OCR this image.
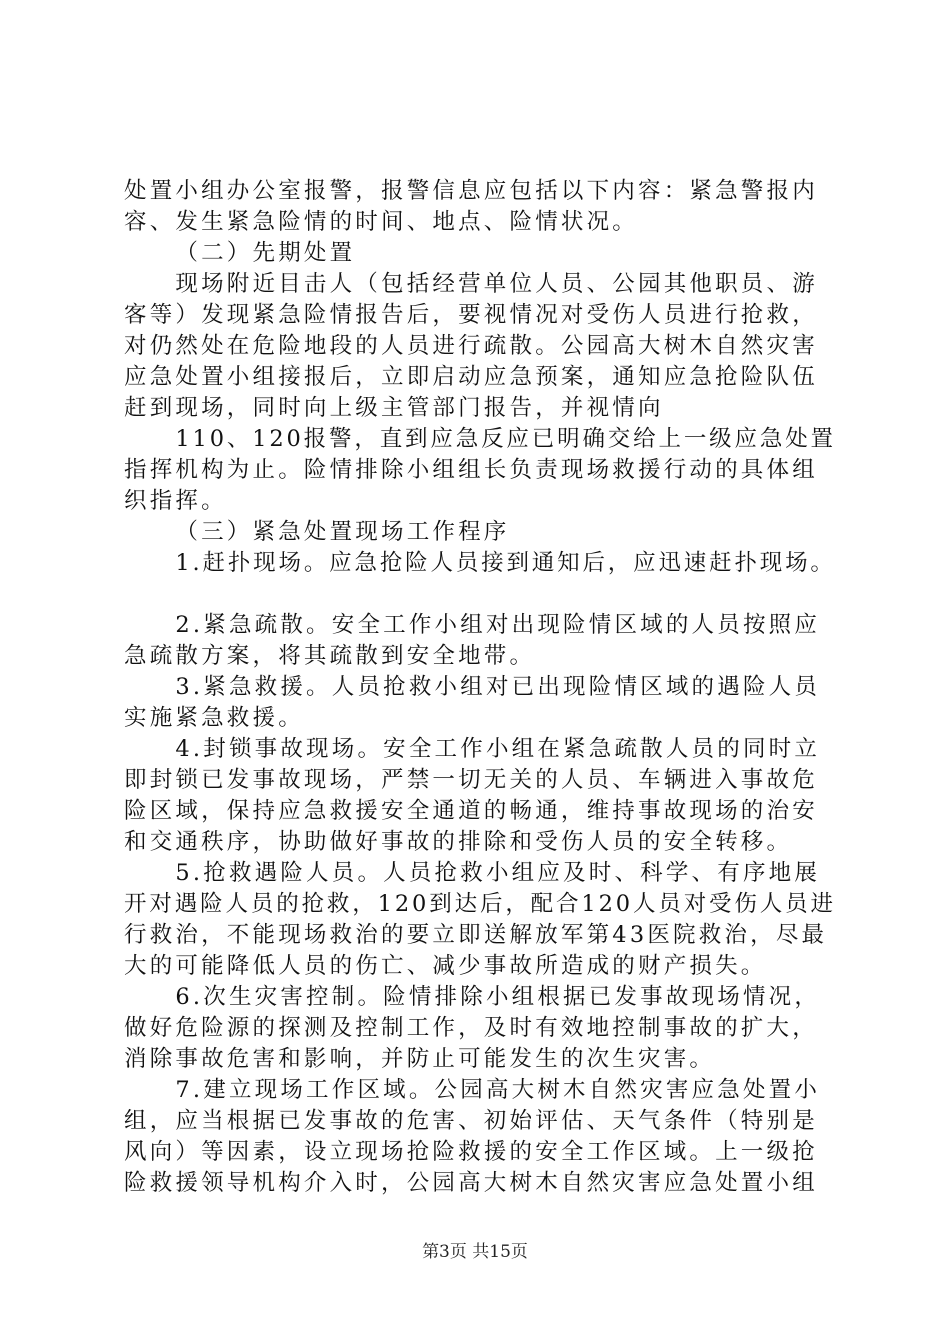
处置小组办公室报警，报警信息应包括以下内容：紧急警报内
容、发生紧急险情的时间、地点、险情状况。
（二）先期处置
现场附近目击人（包括经营单位人员、公园其他职员、游
客等）发现紧急险情报告后，要视情况对受伤人员进行抢救，
对仍然处在危险地段的人员进行疏散。公园高大树木自然灾害
应急处置小组接报后，立即启动应急预案，通知应急抢险队伍
赶到现场，同时向上级主管部门报告，并视情向
110、120报警，直到应急反应已明确交给上一级应急处置
指挥机构为止。险情排除小组组长负责现场救援行动的具体组
织指挥。
（三）紧急处置现场工作程序
1.赶扑现场。应急抢险人员接到通知后，应迅速赶扑现场。
2.紧急疏散。安全工作小组对出现险情区域的人员按照应
急疏散方案，将其疏散到安全地带。
3.紧急救援。人员抢救小组对已出现险情区域的遇险人员
实施紧急救援。
4.封锁事故现场。安全工作小组在紧急疏散人员的同时立
即封锁已发事故现场，严禁一切无关的人员、车辆进入事故危
险区域，保持应急救援安全通道的畅通，维持事故现场的治安
和交通秩序，协助做好事故的排除和受伤人员的安全转移。
5.抢救遇险人员。人员抢救小组应及时、科学、有序地展
开对遇险人员的抢救，120到达后，配合120人员对受伤人员进
行救治，不能现场救治的要立即送解放军第43医院救治，尽最
大的可能降低人员的伤亡、减少事故所造成的财产损失。
6.次生灾害控制。险情排除小组根据已发事故现场情况，
做好危险源的探测及控制工作，及时有效地控制事故的扩大，
消除事故危害和影响，并防止可能发生的次生灾害。
7.建立现场工作区域。公园高大树木自然灾害应急处置小
组，应当根据已发事故的危害、初始评估、天气条件（特别是
风向）等因素，设立现场抢险救援的安全工作区域。上一级抢
险救援领导机构介入时，公园高大树木自然灾害应急处置小组
第3页 共15页
